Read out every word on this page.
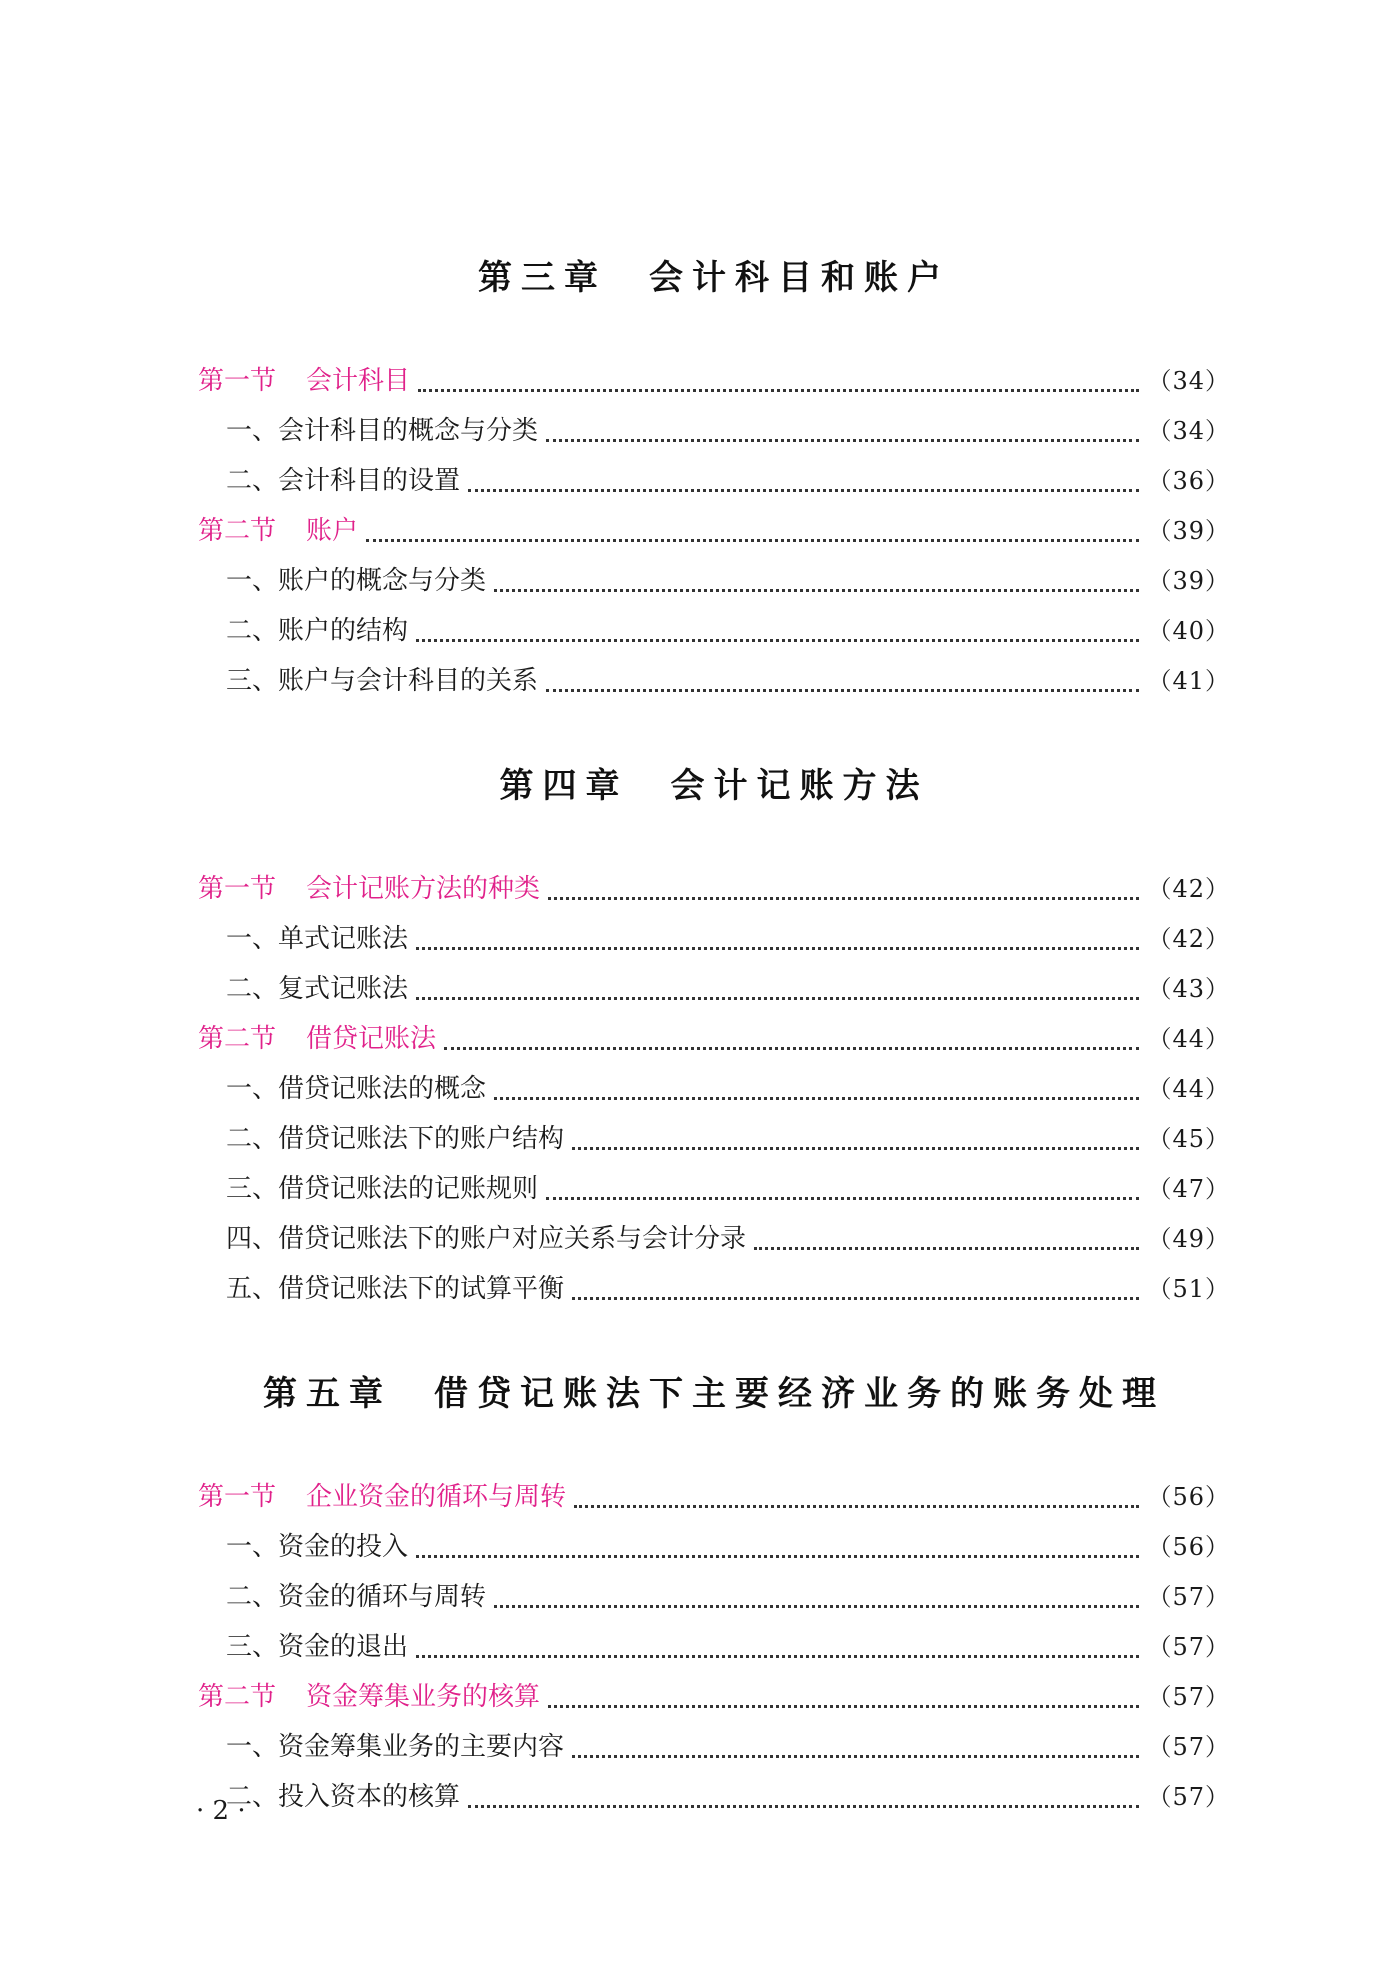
第三章 会计科目和账户
第一节 会计科目	（34）
一、 会计科目的概念与分类	（34）
二、 会计科目的设置	（36）
第二节 账户	（39）
一、 账户的概念与分类	（39）
二、 账户的结构	（40）
三、 账户与会计科目的关系	（41）
第四章 会计记账方法
第一节 会计记账方法的种类	（42）
一、 单式记账法	（42）
二、 复式记账法	（43）
第二节 借贷记账法	（44）
一、 借贷记账法的概念	（44）
二、 借贷记账法下的账户结构	（45）
三、 借贷记账法的记账规则	（47）
四、 借贷记账法下的账户对应关系与会计分录	（49）
五、 借贷记账法下的试算平衡	（51）
第五章 借贷记账法下主要经济业务的账务处理
第一节 企业资金的循环与周转	（56）
一、 资金的投入	（56）
二、 资金的循环与周转	（57）
三、 资金的退出	（57）
第二节 资金筹集业务的核算	（57）
一、 资金筹集业务的主要内容	（57）
二、 投入资本的核算	（57）
· 2 ·
